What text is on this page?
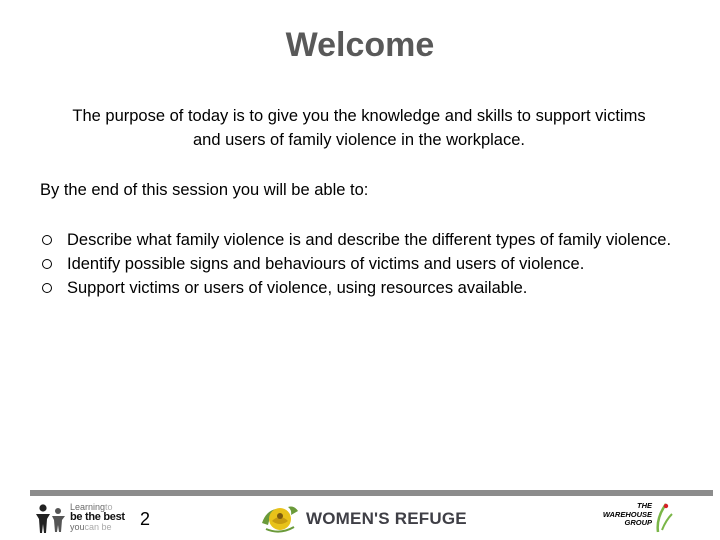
Welcome
The purpose of today is to give you the knowledge and skills to support victims
and users of family violence in the workplace.
By the end of this session you will be able to:
Describe what family violence is and describe the different types of family violence.
Identify possible signs and behaviours of victims and users of violence.
Support victims or users of violence, using resources available.
Learningto
be the best
youcan be	2	WOMEN'S REFUGE
THE
WAREHOUSE
GROUP
